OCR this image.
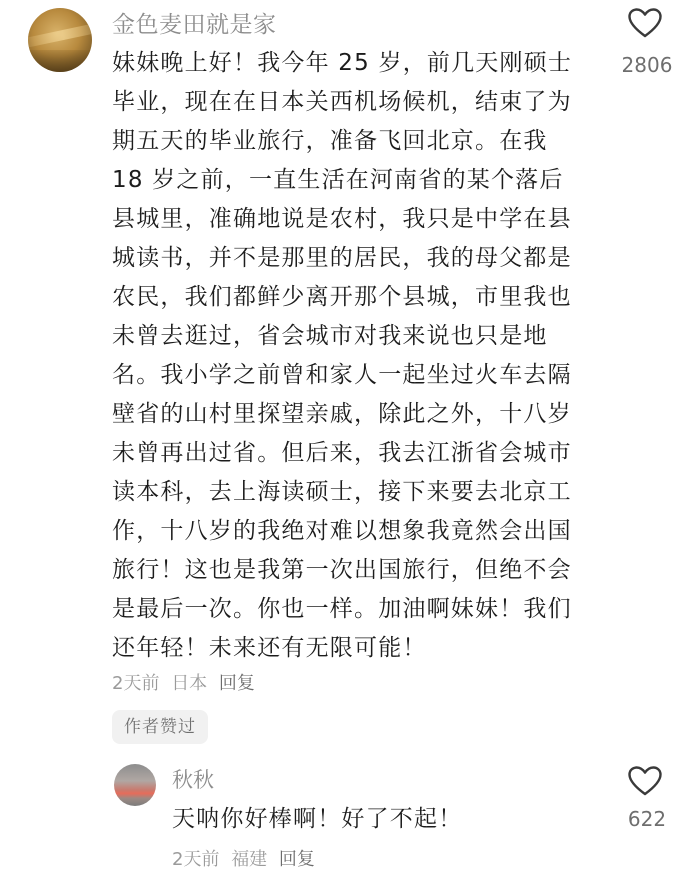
金色麦田就是家
2806
妹妹晚上好！我今年 25 岁，前几天刚硕士
毕业，现在在日本关西机场候机，结束了为
期五天的毕业旅行，准备飞回北京。在我
18 岁之前，一直生活在河南省的某个落后
县城里，准确地说是农村，我只是中学在县
城读书，并不是那里的居民，我的母父都是
农民，我们都鲜少离开那个县城，市里我也
未曾去逛过，省会城市对我来说也只是地
名。我小学之前曾和家人一起坐过火车去隔
壁省的山村里探望亲戚，除此之外，十八岁
未曾再出过省。但后来，我去江浙省会城市
读本科，去上海读硕士，接下来要去北京工
作，十八岁的我绝对难以想象我竟然会出国
旅行！这也是我第一次出国旅行，但绝不会
是最后一次。你也一样。加油啊妹妹！我们
还年轻！未来还有无限可能！
2天前 日本 回复
作者赞过
秋秋
622
天呐你好棒啊！好了不起！
2天前 福建 回复
